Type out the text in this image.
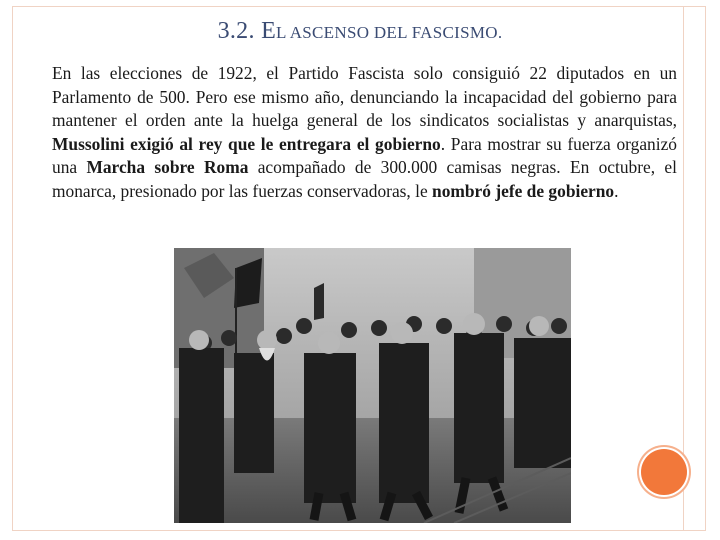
3.2. EL ASCENSO DEL FASCISMO.
En las elecciones de 1922, el Partido Fascista solo consiguió 22 diputados en un Parlamento de 500. Pero ese mismo año, denunciando la incapacidad del gobierno para mantener el orden ante la huelga general de los sindicatos socialistas y anarquistas, Mussolini exigió al rey que le entregara el gobierno. Para mostrar su fuerza organizó una Marcha sobre Roma acompañado de 300.000 camisas negras. En octubre, el monarca, presionado por las fuerzas conservadoras, le nombró jefe de gobierno.
